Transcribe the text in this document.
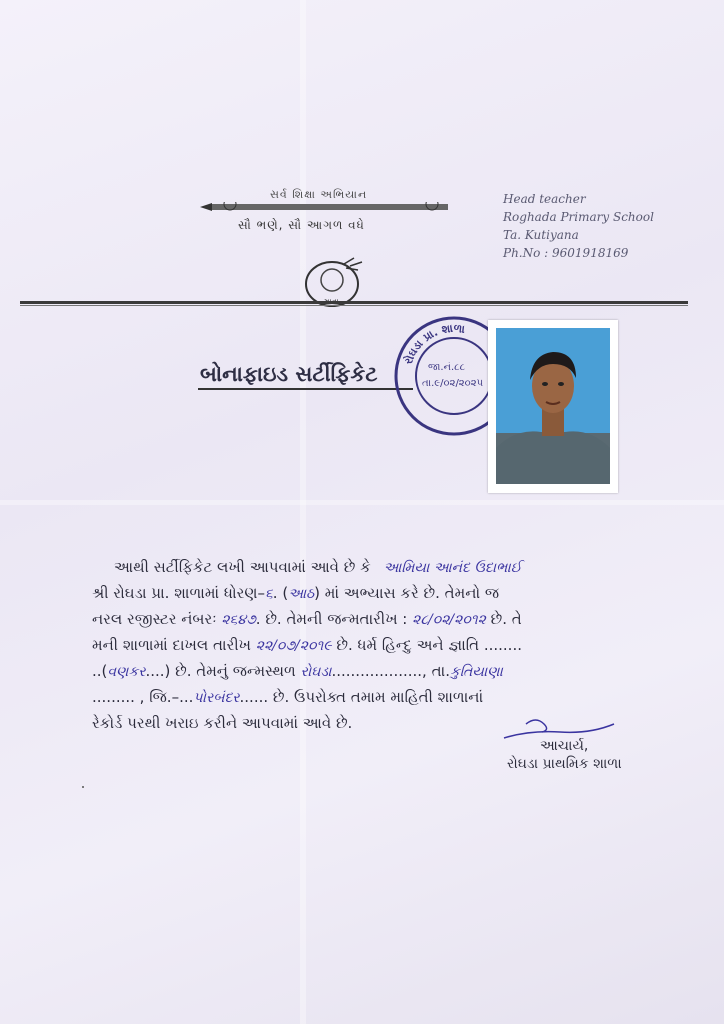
સર્વ શિક્ષા અભિયાન
સૌ ભણે, સૌ આગળ વધે
Head teacher
Roghada Primary School
Ta. Kutiyana
Ph.No : 9601918169
બોનાફાઇડ સર્ટીફિકેટ
રોઘડા પ્રા. શાળા
જા.નં.૮૮
તા.૯/૦૨/૨૦૨૫
આથી સર્ટીફિકેટ લખી આપવામાં આવે છે કે આમિયા આનંદ ઉદાભાઈ
શ્રી રોઘડા પ્રા. શાળામાં ધોરણ–૬. (આઠ) માં અભ્યાસ કરે છે. તેમનો જ
નરલ રજીસ્ટર નંબરઃ ૨૬૪૭. છે. તેમની જન્મતારીખ : ૨૮/૦૨/૨૦૧૨ છે. તે
મની શાળામાં દાખલ તારીખ ૨૨/૦૭/૨૦૧૯ છે. ધર્મ હિન્દુ અને જ્ઞાતિ ........
..(વણકર....) છે. તેમનું જન્મસ્થળ રોઘડા..................., તા.કુતિયાણા
......... , જિ.–...પોરબંદર...... છે. ઉપરોક્ત તમામ માહિતી શાળાનાં
રેકોર્ડ પરથી ખરાઇ કરીને આપવામાં આવે છે.
આચાર્ય,
રોઘડા પ્રાથમિક શાળા
